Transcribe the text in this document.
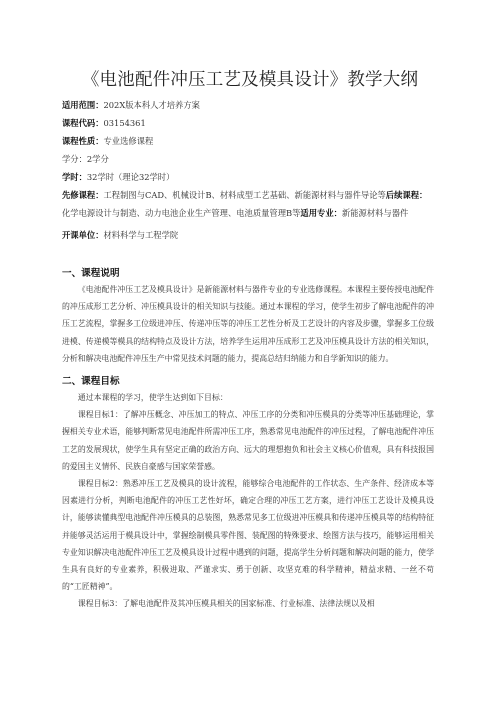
《电池配件冲压工艺及模具设计》教学大纲
适用范围：202X版本科人才培养方案
课程代码：03154361
课程性质：专业选修课程
学分：2学分
学时：32学时（理论32学时）
先修课程：工程制图与CAD、机械设计B、材料成型工艺基础、新能源材料与器件导论等后续课程：化学电源设计与制造、动力电池企业生产管理、电池质量管理B等适用专业：新能源材料与器件
开课单位：材料科学与工程学院
一、课程说明
《电池配件冲压工艺及模具设计》是新能源材料与器件专业的专业选修课程。本课程主要传授电池配件的冲压成形工艺分析、冲压模具设计的相关知识与技能。通过本课程的学习，使学生初步了解电池配件的冲压工艺流程，掌握多工位级进冲压、传递冲压等的冲压工艺性分析及工艺设计的内容及步骤，掌握多工位级进模、传递模等模具的结构特点及设计方法，培养学生运用冲压成形工艺及冲压模具设计方法的相关知识，分析和解决电池配件冲压生产中常见技术问题的能力，提高总结归纳能力和自学新知识的能力。
二、课程目标

通过本课程的学习，使学生达到如下目标：

课程目标1：了解冲压概念、冲压加工的特点、冲压工序的分类和冲压模具的分类等冲压基础理论，掌握相关专业术语，能够判断常见电池配件所需冲压工序，熟悉常见电池配件的冲压过程，了解电池配件冲压工艺的发展现状，使学生具有坚定正确的政治方向、远大的理想抱负和社会主义核心价值观，具有科技报国的爱国主义情怀、民族自豪感与国家荣誉感。

课程目标2：熟悉冲压工艺及模具的设计流程，能够综合电池配件的工作状态、生产条件、经济成本等因素进行分析，判断电池配件的冲压工艺性好坏，确定合理的冲压工艺方案，进行冲压工艺设计及模具设计，能够读懂典型电池配件冲压模具的总装图，熟悉常见多工位级进冲压模具和传递冲压模具等的结构特征并能够灵活运用于模具设计中，掌握绘制模具零件图、装配图的特殊要求、绘图方法与技巧，能够运用相关专业知识解决电池配件冲压工艺及模具设计过程中遇到的问题，提高学生分析问题和解决问题的能力，使学生具有良好的专业素养，积极进取、严谨求实、勇于创新、攻坚克难的科学精神，精益求精、一丝不苟的“工匠精神”。

课程目标3：了解电池配件及其冲压模具相关的国家标准、行业标准、法律法规以及相
